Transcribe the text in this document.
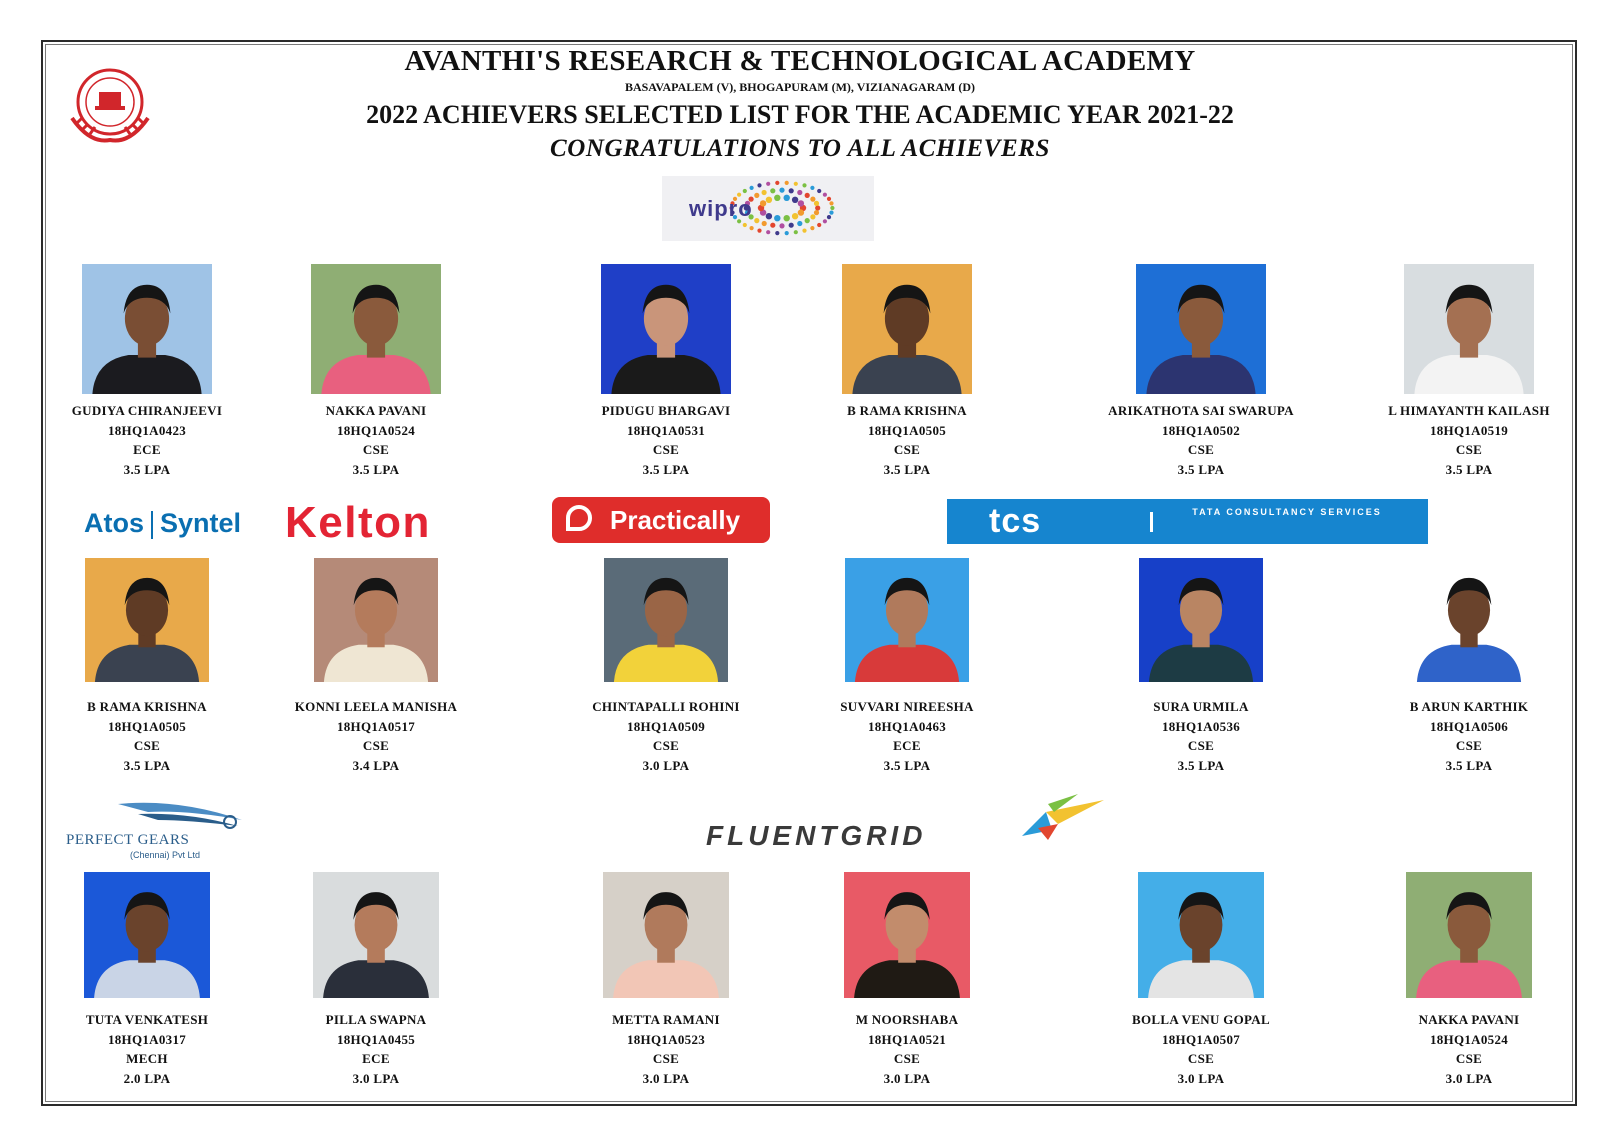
AVANTHI'S RESEARCH & TECHNOLOGICAL ACADEMY

BASAVAPALEM (V), BHOGAPURAM (M), VIZIANAGARAM (D)

2022 ACHIEVERS SELECTED LIST FOR THE ACADEMIC YEAR 2021-22

CONGRATULATIONS TO ALL ACHIEVERS

wipro
Atos Syntel Kelton	Practically	tcs	TATA CONSULTANCY SERVICES
PERFECT GEARS
(Chennai) Pvt Ltd
FLUENTGRID
GUDIYA CHIRANJEEVI
18HQ1A0423
ECE
3.5 LPA
NAKKA PAVANI
18HQ1A0524
CSE
3.5 LPA
PIDUGU BHARGAVI
18HQ1A0531
CSE
3.5 LPA
B RAMA KRISHNA
18HQ1A0505
CSE
3.5 LPA
ARIKATHOTA SAI SWARUPA
18HQ1A0502
CSE
3.5 LPA
L HIMAYANTH KAILASH
18HQ1A0519
CSE
3.5 LPA
B RAMA KRISHNA
18HQ1A0505
CSE
3.5 LPA
KONNI LEELA MANISHA
18HQ1A0517
CSE
3.4 LPA
CHINTAPALLI ROHINI
18HQ1A0509
CSE
3.0 LPA
SUVVARI NIREESHA
18HQ1A0463
ECE
3.5 LPA
SURA URMILA
18HQ1A0536
CSE
3.5 LPA
B ARUN KARTHIK
18HQ1A0506
CSE
3.5 LPA
TUTA VENKATESH
18HQ1A0317
MECH
2.0 LPA
PILLA SWAPNA
18HQ1A0455
ECE
3.0 LPA
METTA RAMANI
18HQ1A0523
CSE
3.0 LPA
M NOORSHABA
18HQ1A0521
CSE
3.0 LPA
BOLLA VENU GOPAL
18HQ1A0507
CSE
3.0 LPA
NAKKA PAVANI
18HQ1A0524
CSE
3.0 LPA
